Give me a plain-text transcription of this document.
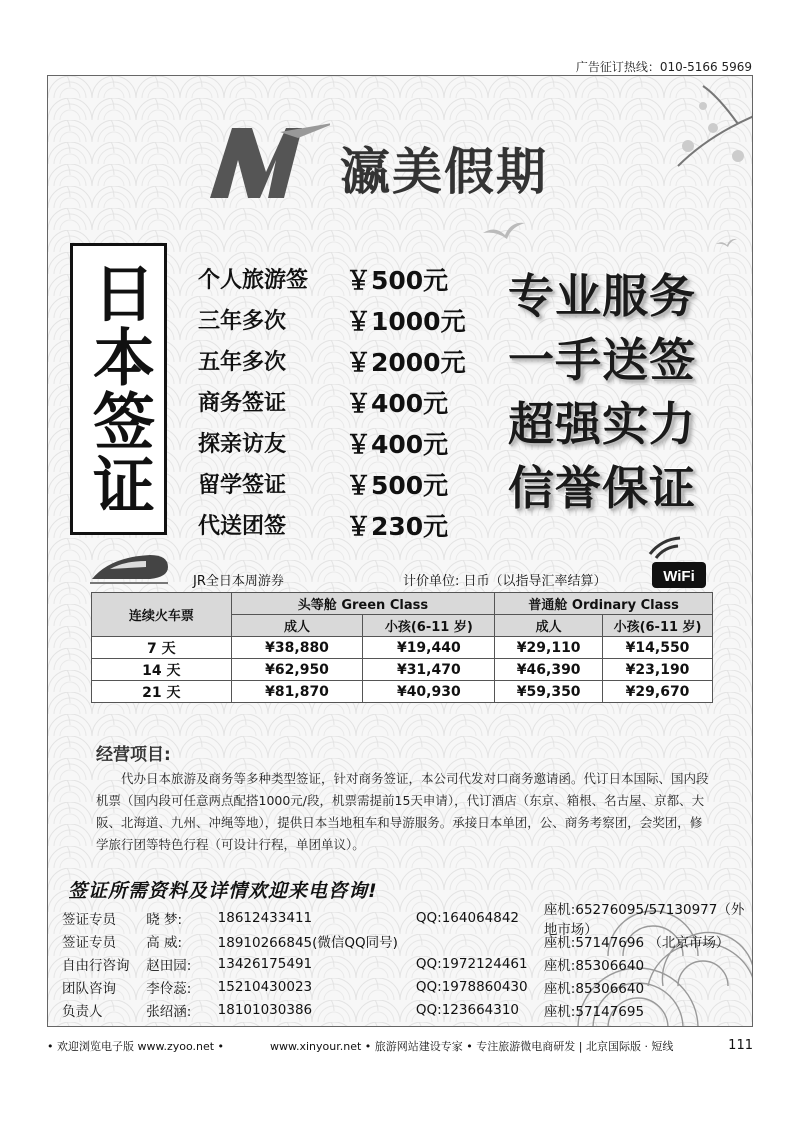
广告征订热线：010-5166 5969
瀛美假期
日本签证 个人旅游签	￥500元
三年多次	￥1000元
五年多次	￥2000元
商务签证	￥400元
探亲访友	￥400元
留学签证	￥500元
代送团签	￥230元
专业服务
一手送签
超强实力
信誉保证
WiFi
JR全日本周游券	计价单位: 日币（以指导汇率结算）
连续火车票	头等舱 Green Class		普通舱 Ordinary Class	
	成人	小孩(6-11 岁)	成人	小孩(6-11 岁)
7 天	¥38,880	¥19,440	¥29,110	¥14,550
14 天	¥62,950	¥31,470	¥46,390	¥23,190
21 天	¥81,870	¥40,930	¥59,350	¥29,670
经营项目:
代办日本旅游及商务等多种类型签证，针对商务签证，本公司代发对口商务邀请函。代订日本国际、国内段机票（国内段可任意两点配搭1000元/段，机票需提前15天申请），代订酒店（东京、箱根、名古屋、京都、大阪、北海道、九州、冲绳等地），提供日本当地租车和导游服务。承接日本单团，公、商务考察团，会奖团，修学旅行团等特色行程（可设计行程，单团单议）。
签证所需资料及详情欢迎来电咨询!
签证专员	晓 梦:	18612433411	QQ:164064842	座机:65276095/57130977（外地市场）
签证专员	高 威:	18910266845(微信QQ同号)	座机:57147696 （北京市场）
自由行咨询	赵田园:	13426175491	QQ:1972124461	座机:85306640
团队咨询	李伶蕊:	15210430023	QQ:1978860430	座机:85306640
负责人	张绍涵:	18101030386	QQ:123664310	座机:57147695
• 欢迎浏览电子版 www.zyoo.net •	www.xinyour.net • 旅游网站建设专家 • 专注旅游微电商研发 | 北京国际版 · 短线	111
